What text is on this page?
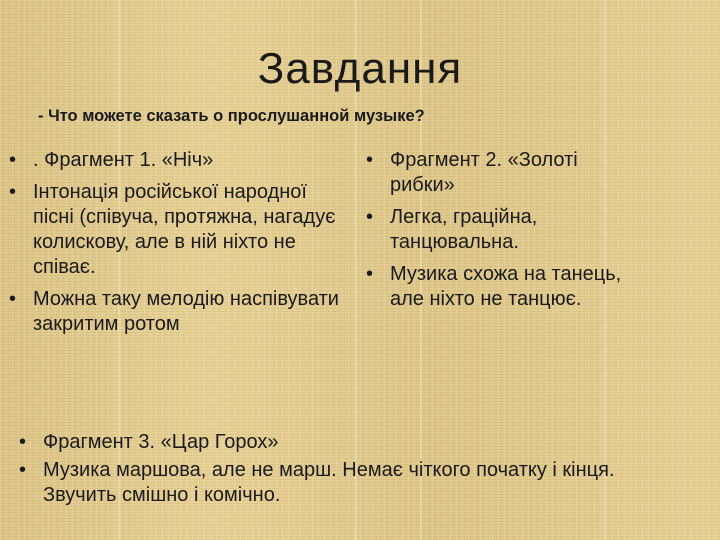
Завдання
- Что можете сказать о прослушанной музыке?
• . Фрагмент 1. «Ніч»
• Інтонація російської народної пісні (співуча, протяжна, нагадує колискову, але в ній ніхто не співає.
• Можна таку мелодію наспівувати закритим ротом
• Фрагмент 2. «Золоті рибки»
• Легка, граційна, танцювальна.
• Музика схожа на танець, але ніхто не танцює.
• Фрагмент 3. «Цар Горох»
• Музика маршова, але не марш. Немає чіткого початку і кінця. Звучить смішно і комічно.
